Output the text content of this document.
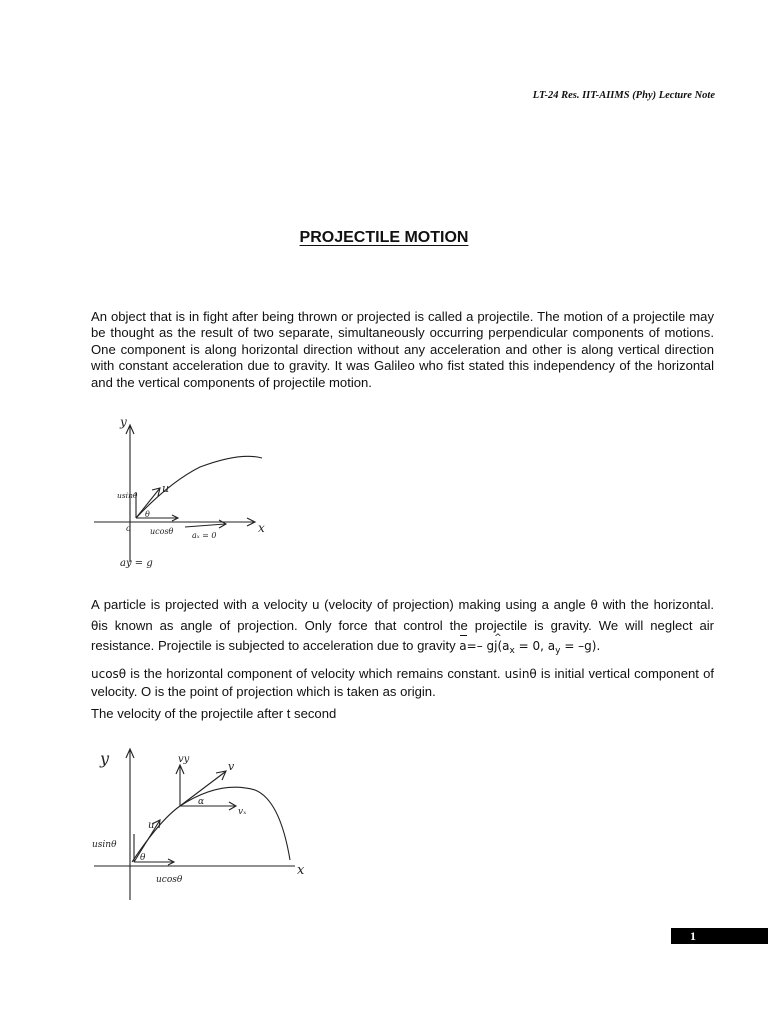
LT-24 Res. IIT-AIIMS (Phy) Lecture Note
PROJECTILE MOTION
An object that is in fight after being thrown or projected is called a projectile. The motion of a projectile may be thought as the result of two separate, simultaneously occurring perpendicular components of motions. One component is along horizontal direction without any acceleration and other is along vertical direction with constant acceleration due to gravity. It was Galileo who fist stated this independency of the horizontal and the vertical components of projectile motion.
y
x
u
usinθ
θ
o ucosθ aₓ = 0
ay = g
A particle is projected with a velocity u (velocity of projection) making using a angle θ with the horizontal. θis known as angle of projection. Only force that control the projectile is gravity. We will neglect air resistance. Projectile is subjected to acceleration due to gravity a=– g^ $j(a_x = 0$, $a_y = -g$).
ucosθ is the horizontal component of velocity which remains constant. usinθ is initial vertical component of velocity. O is the point of projection which is taken as origin.
The velocity of the projectile after t second
y
x
u
usinθ
θ
ucosθ
vy
v
vₓ
α
1
